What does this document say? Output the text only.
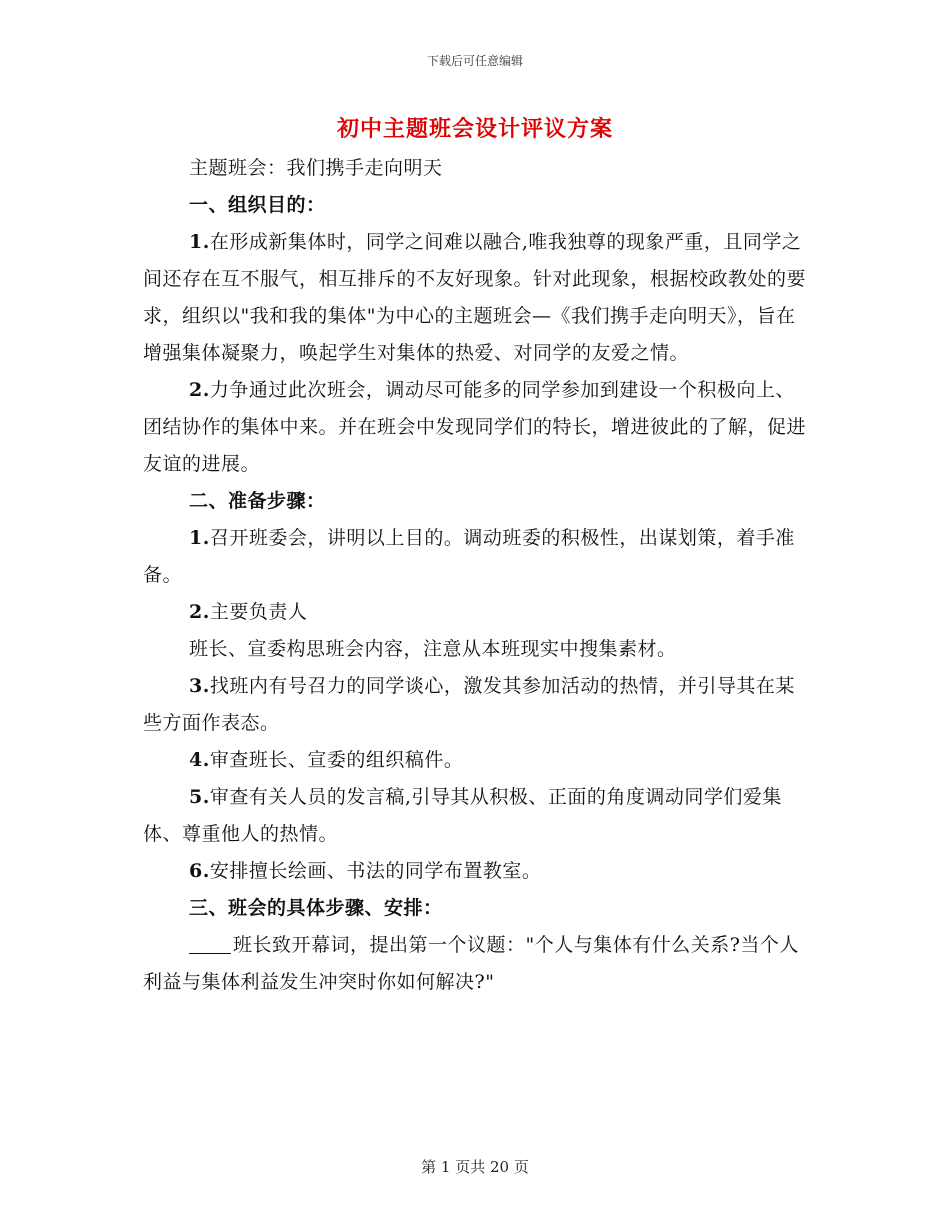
下载后可任意编辑
初中主题班会设计评议方案

主题班会：我们携手走向明天

一、组织目的：

1.在形成新集体时，同学之间难以融合,唯我独尊的现象严重，且同学之间还存在互不服气，相互排斥的不友好现象。针对此现象，根据校政教处的要求，组织以"我和我的集体"为中心的主题班会—《我们携手走向明天》，旨在增强集体凝聚力，唤起学生对集体的热爱、对同学的友爱之情。

2.力争通过此次班会，调动尽可能多的同学参加到建设一个积极向上、团结协作的集体中来。并在班会中发现同学们的特长，增进彼此的了解，促进友谊的进展。

二、准备步骤：

1.召开班委会，讲明以上目的。调动班委的积极性，出谋划策，着手准备。

2.主要负责人

班长、宣委构思班会内容，注意从本班现实中搜集素材。

3.找班内有号召力的同学谈心，激发其参加活动的热情，并引导其在某些方面作表态。

4.审查班长、宣委的组织稿件。

5.审查有关人员的发言稿,引导其从积极、正面的角度调动同学们爱集体、尊重他人的热情。

6.安排擅长绘画、书法的同学布置教室。

三、班会的具体步骤、安排：

班长致开幕词，提出第一个议题："个人与集体有什么关系?当个人利益与集体利益发生冲突时你如何解决?"

第 1 页共 20 页
